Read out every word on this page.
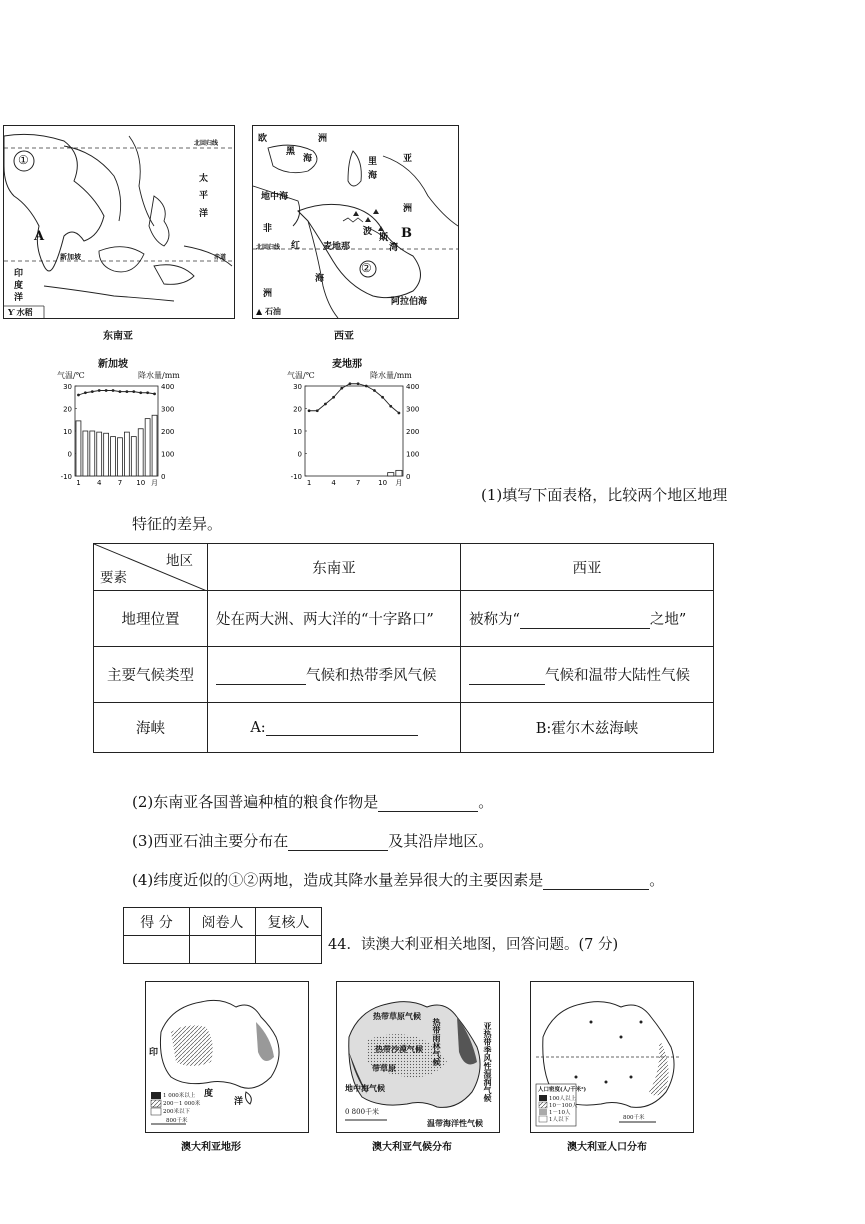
北回归线
①
太
平
洋
A
新加坡	赤道
印
度
洋
Ƴ 水稻
东南亚
欧	洲
黑
海	里
海
亚
洲
地中海
非
洲
波
斯
湾
B
北回归线 红
海
麦地那
②
阿拉伯海
▲ 石油
西亚
新加坡
气温/℃	降水量/mm
30
20
10
0
-10
400
300
200
100
0
1 4 7 10 月
麦地那
气温/℃	降水量/mm
30
20
10
0
-10
400
300
200
100
0
1	4	7	10 月
(1)填写下面表格，比较两个地区地理
特征的差异。
地区
要素	东南亚	西亚
地理位置	处在两大洲、两大洋的“十字路口”	被称为“ 之地”
主要气候类型	气候和热带季风气候	气候和温带大陆性气候
海峡	A:	B:霍尔木兹海峡
(2)东南亚各国普遍种植的粮食作物是	。
(3)西亚石油主要分布在	及其沿岸地区。
(4)纬度近似的①②两地，造成其降水量差异很大的主要因素是	。
得 分	阅卷人	复核人

44．读澳大利亚相关地图，回答问题。(7 分)
印
度
洋
1 000米以上
200－1 000米
200米以下
800千米
澳大利亚地形
热带草原气候
热带雨林气候
热带沙漠气候
带草原
地中海气候	亚热带季风性湿润气候
温带海洋性气候
0 800千米
澳大利亚气候分布
人口密度(人/千米²)
100人以上
10－100人
1－10人
1人以下	800千米
澳大利亚人口分布
